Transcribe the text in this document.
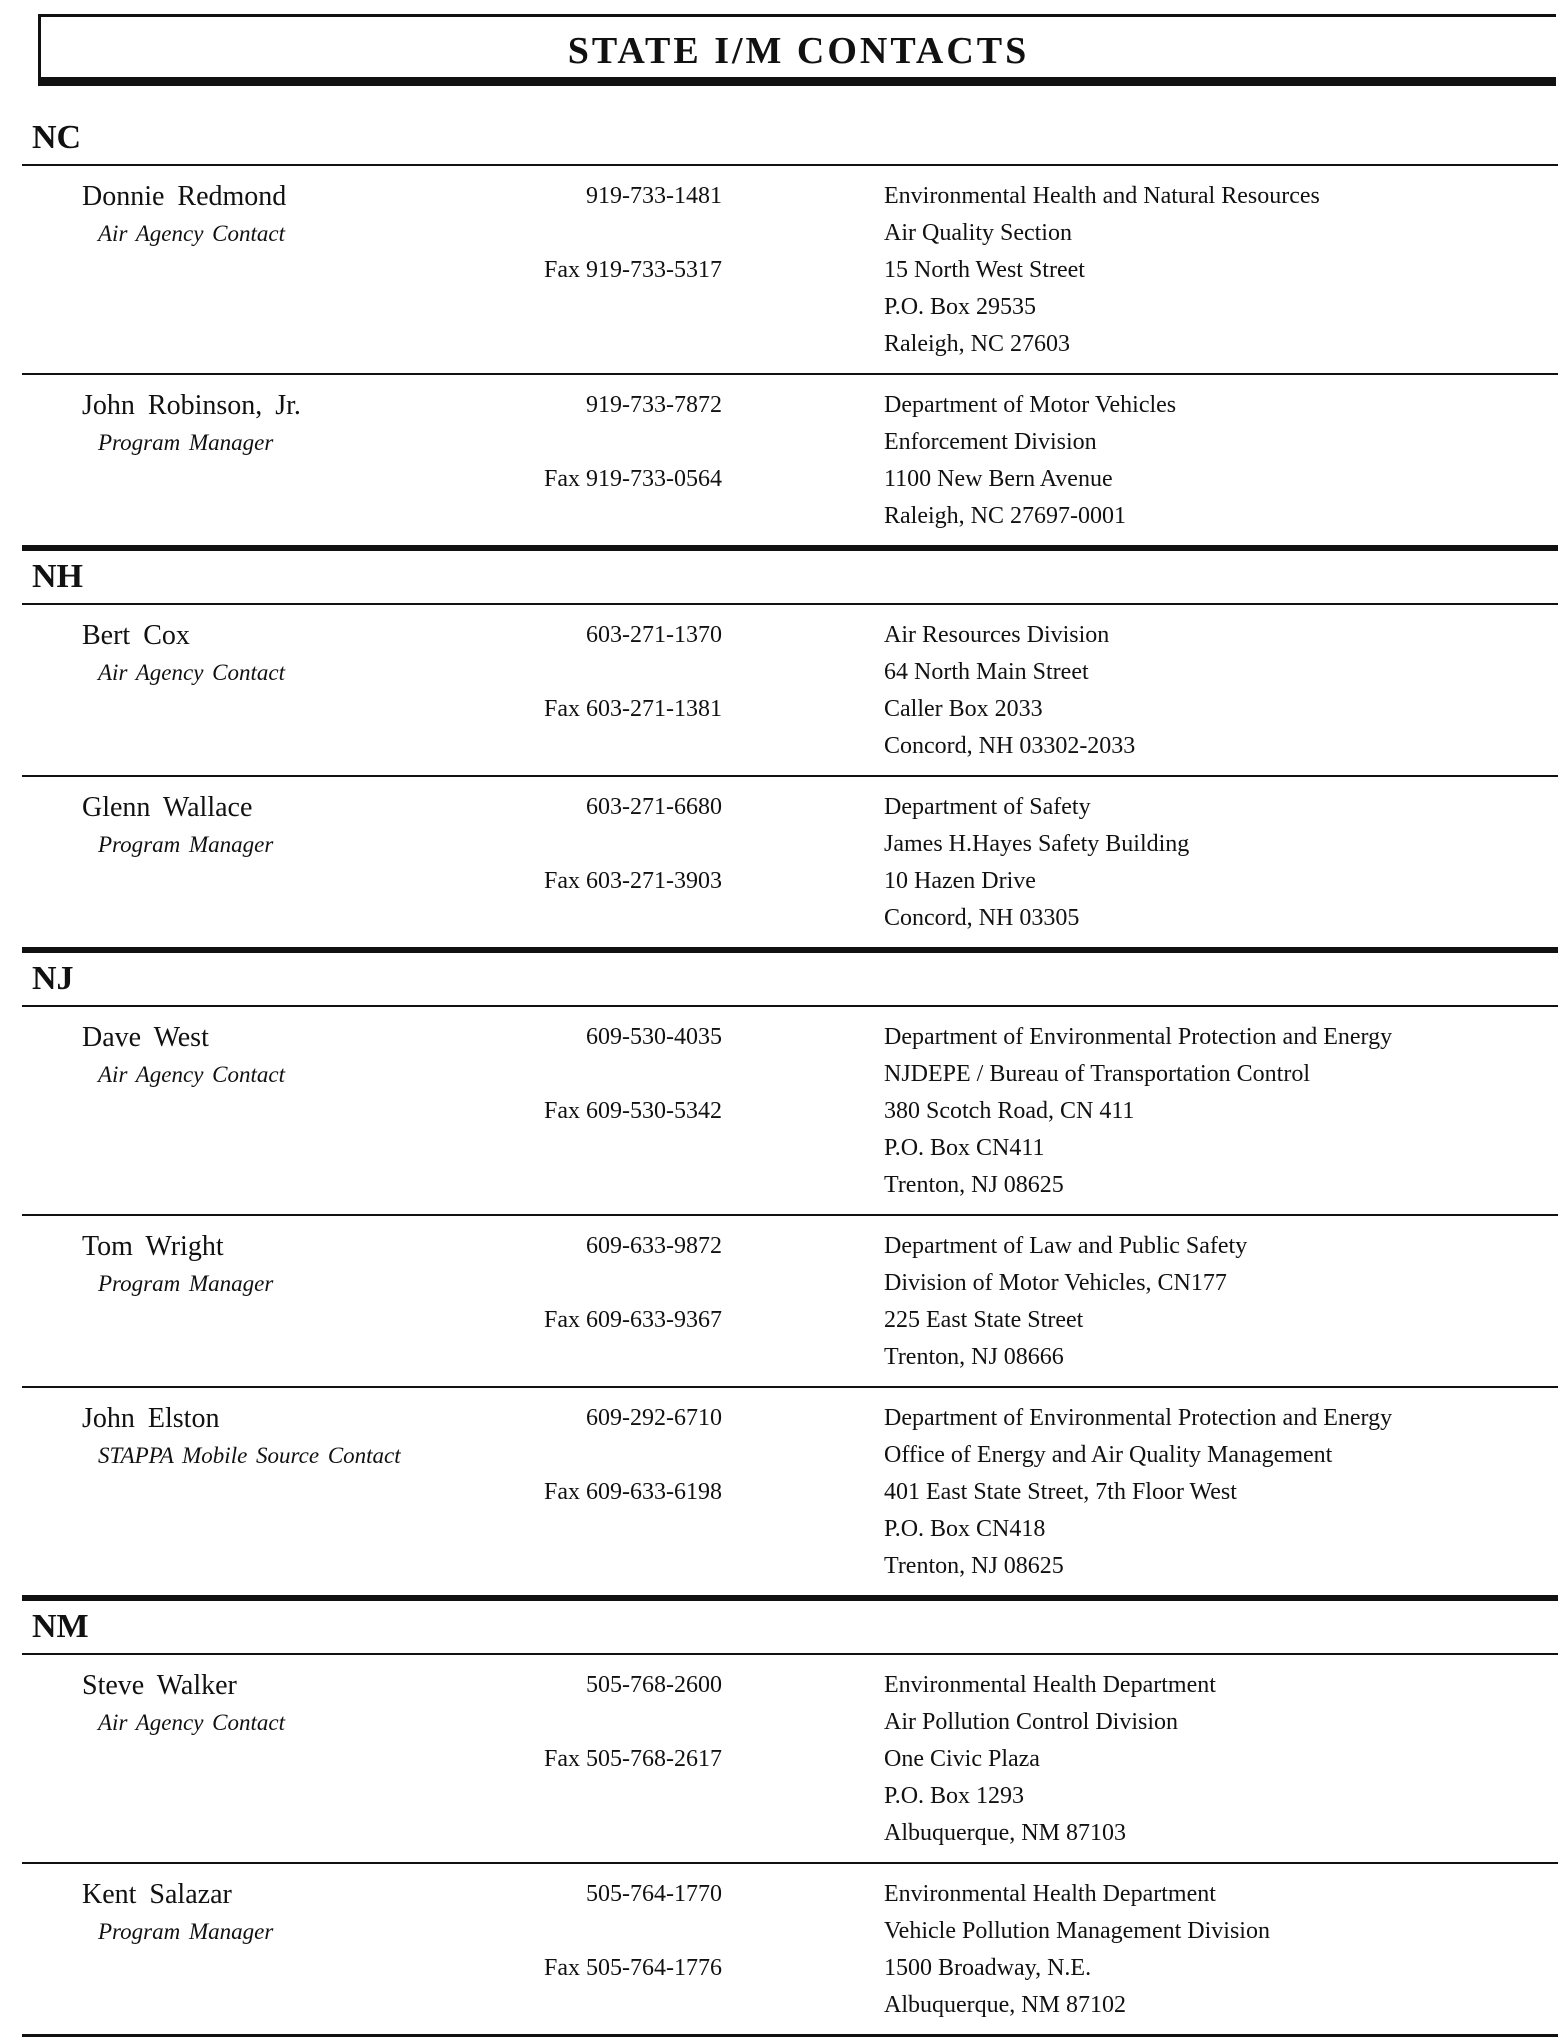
STATE I/M CONTACTS
NC
Donnie Redmond
Air Agency Contact
919-733-1481
Fax 919-733-5317
Environmental Health and Natural Resources
Air Quality Section
15 North West Street
P.O. Box 29535
Raleigh, NC 27603
John Robinson, Jr.
Program Manager
919-733-7872
Fax 919-733-0564
Department of Motor Vehicles
Enforcement Division
1100 New Bern Avenue
Raleigh, NC 27697-0001
NH
Bert Cox
Air Agency Contact
603-271-1370
Fax 603-271-1381
Air Resources Division
64 North Main Street
Caller Box 2033
Concord, NH 03302-2033
Glenn Wallace
Program Manager
603-271-6680
Fax 603-271-3903
Department of Safety
James H.Hayes Safety Building
10 Hazen Drive
Concord, NH 03305
NJ
Dave West
Air Agency Contact
609-530-4035
Fax 609-530-5342
Department of Environmental Protection and Energy
NJDEPE / Bureau of Transportation Control
380 Scotch Road, CN 411
P.O. Box CN411
Trenton, NJ 08625
Tom Wright
Program Manager
609-633-9872
Fax 609-633-9367
Department of Law and Public Safety
Division of Motor Vehicles, CN177
225 East State Street
Trenton, NJ 08666
John Elston
STAPPA Mobile Source Contact
609-292-6710
Fax 609-633-6198
Department of Environmental Protection and Energy
Office of Energy and Air Quality Management
401 East State Street, 7th Floor West
P.O. Box CN418
Trenton, NJ 08625
NM
Steve Walker
Air Agency Contact
505-768-2600
Fax 505-768-2617
Environmental Health Department
Air Pollution Control Division
One Civic Plaza
P.O. Box 1293
Albuquerque, NM 87103
Kent Salazar
Program Manager
505-764-1770
Fax 505-764-1776
Environmental Health Department
Vehicle Pollution Management Division
1500 Broadway, N.E.
Albuquerque, NM 87102
